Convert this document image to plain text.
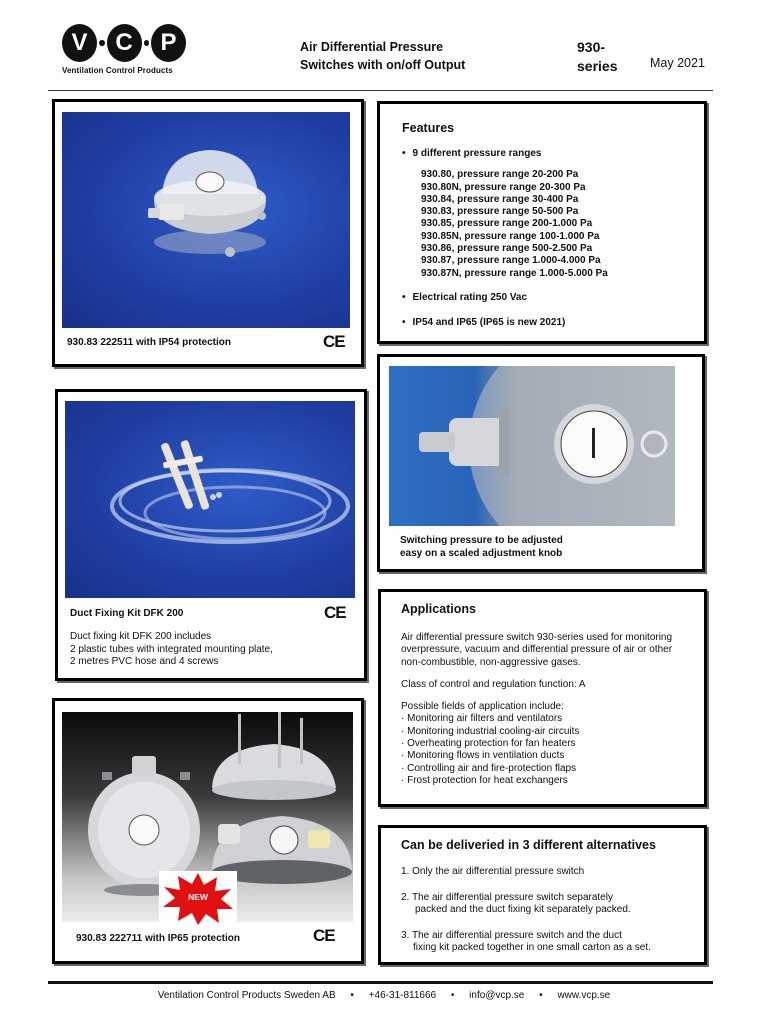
V	C	P
Ventilation Control Products
Air Differential Pressure
Switches with on/off Output
930-
series	May 2021
930.83 222511 with IP54 protection	CE
Features
• 9 different pressure ranges
930.80, pressure range 20-200 Pa
930.80N, pressure range 20-300 Pa
930.84, pressure range 30-400 Pa
930.83, pressure range 50-500 Pa
930.85, pressure range 200-1.000 Pa
930.85N, pressure range 100-1.000 Pa
930.86, pressure range 500-2.500 Pa
930.87, pressure range 1.000-4.000 Pa
930.87N, pressure range 1.000-5.000 Pa
• Electrical rating 250 Vac
• IP54 and IP65 (IP65 is new 2021)
Duct Fixing Kit DFK 200	CE
Duct fixing kit DFK 200 includes
2 plastic tubes with integrated mounting plate,
2 metres PVC hose and 4 screws
Switching pressure to be adjusted
easy on a scaled adjustment knob
Applications
Air differential pressure switch 930-series used for monitoring
overpressure, vacuum and differential pressure of air or other
non-combustible, non-aggressive gases.
Class of control and regulation function: A
Possible fields of application include:
· Monitoring air filters and ventilators
· Monitoring industrial cooling-air circuits
· Overheating protection for fan heaters
· Monitoring flows in ventilation ducts
· Controlling air and fire-protection flaps
· Frost protection for heat exchangers
NEW
930.83 222711 with IP65 protection	CE
Can be deliveried in 3 different alternatives
1. Only the air differential pressure switch
2. The air differential pressure switch separately
packed and the duct fixing kit separately packed.
3. The air differential pressure switch and the duct
fixing kit packed together in one small carton as a set.
Ventilation Control Products Sweden AB • +46-31-811666 • info@vcp.se • www.vcp.se
